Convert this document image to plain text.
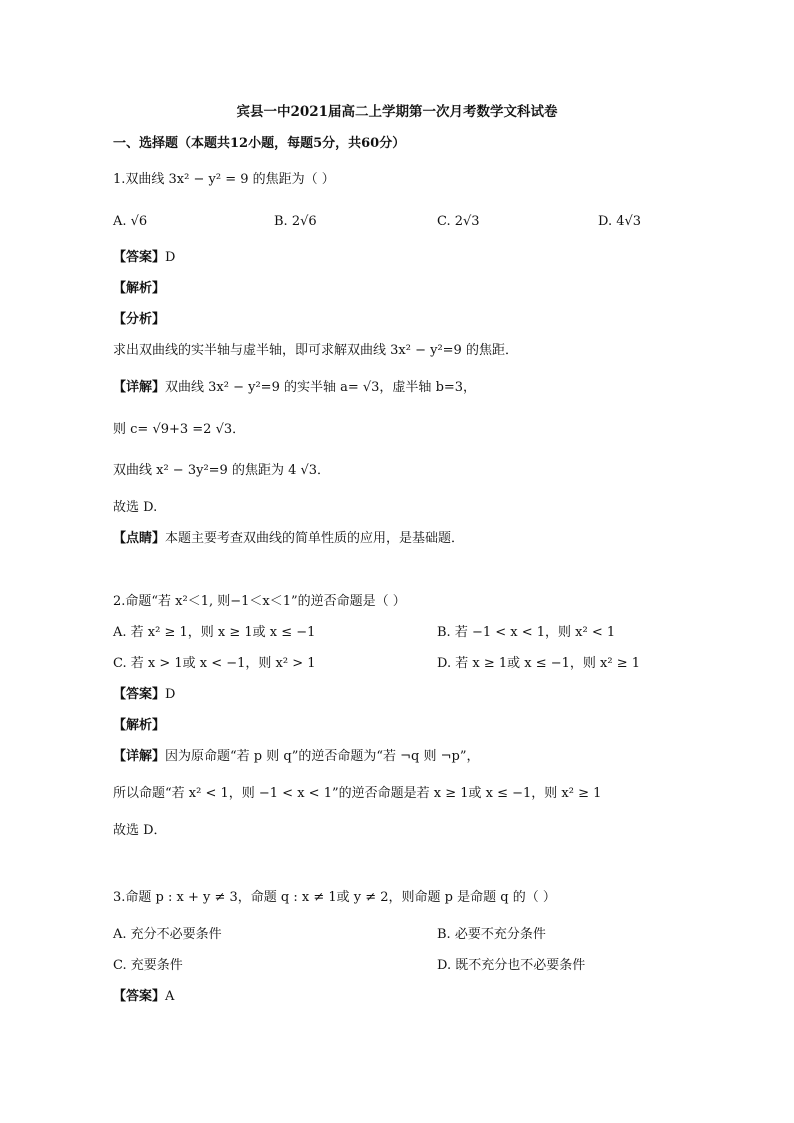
宾县一中2021届高二上学期第一次月考数学文科试卷
一、选择题（本题共12小题，每题5分，共60分）
1.双曲线 3x² − y² = 9 的焦距为（ ）
A. √6	B. 2√6	C. 2√3	D. 4√3
【答案】D
【解析】
【分析】
求出双曲线的实半轴与虚半轴，即可求解双曲线 3x² − y²=9 的焦距．
【详解】双曲线 3x² − y²=9 的实半轴 a= √3，虚半轴 b=3，
则 c= √9+3 =2 √3．
双曲线 x² − 3y²=9 的焦距为 4 √3．
故选 D.
【点睛】本题主要考查双曲线的简单性质的应用，是基础题．
2.命题“若 x²＜1, 则−1＜x＜1”的逆否命题是（ ）
A. 若 x² ≥ 1，则 x ≥ 1或 x ≤ −1	B. 若 −1 < x < 1，则 x² < 1
C. 若 x > 1或 x < −1，则 x² > 1	D. 若 x ≥ 1或 x ≤ −1，则 x² ≥ 1
【答案】D
【解析】
【详解】因为原命题“若 p 则 q”的逆否命题为“若 ¬q 则 ¬p”，
所以命题“若 x² < 1，则 −1 < x < 1”的逆否命题是若 x ≥ 1或 x ≤ −1，则 x² ≥ 1
故选 D．
3.命题 p : x + y ≠ 3，命题 q : x ≠ 1或 y ≠ 2，则命题 p 是命题 q 的（ ）
A. 充分不必要条件	B. 必要不充分条件
C. 充要条件	D. 既不充分也不必要条件
【答案】A
